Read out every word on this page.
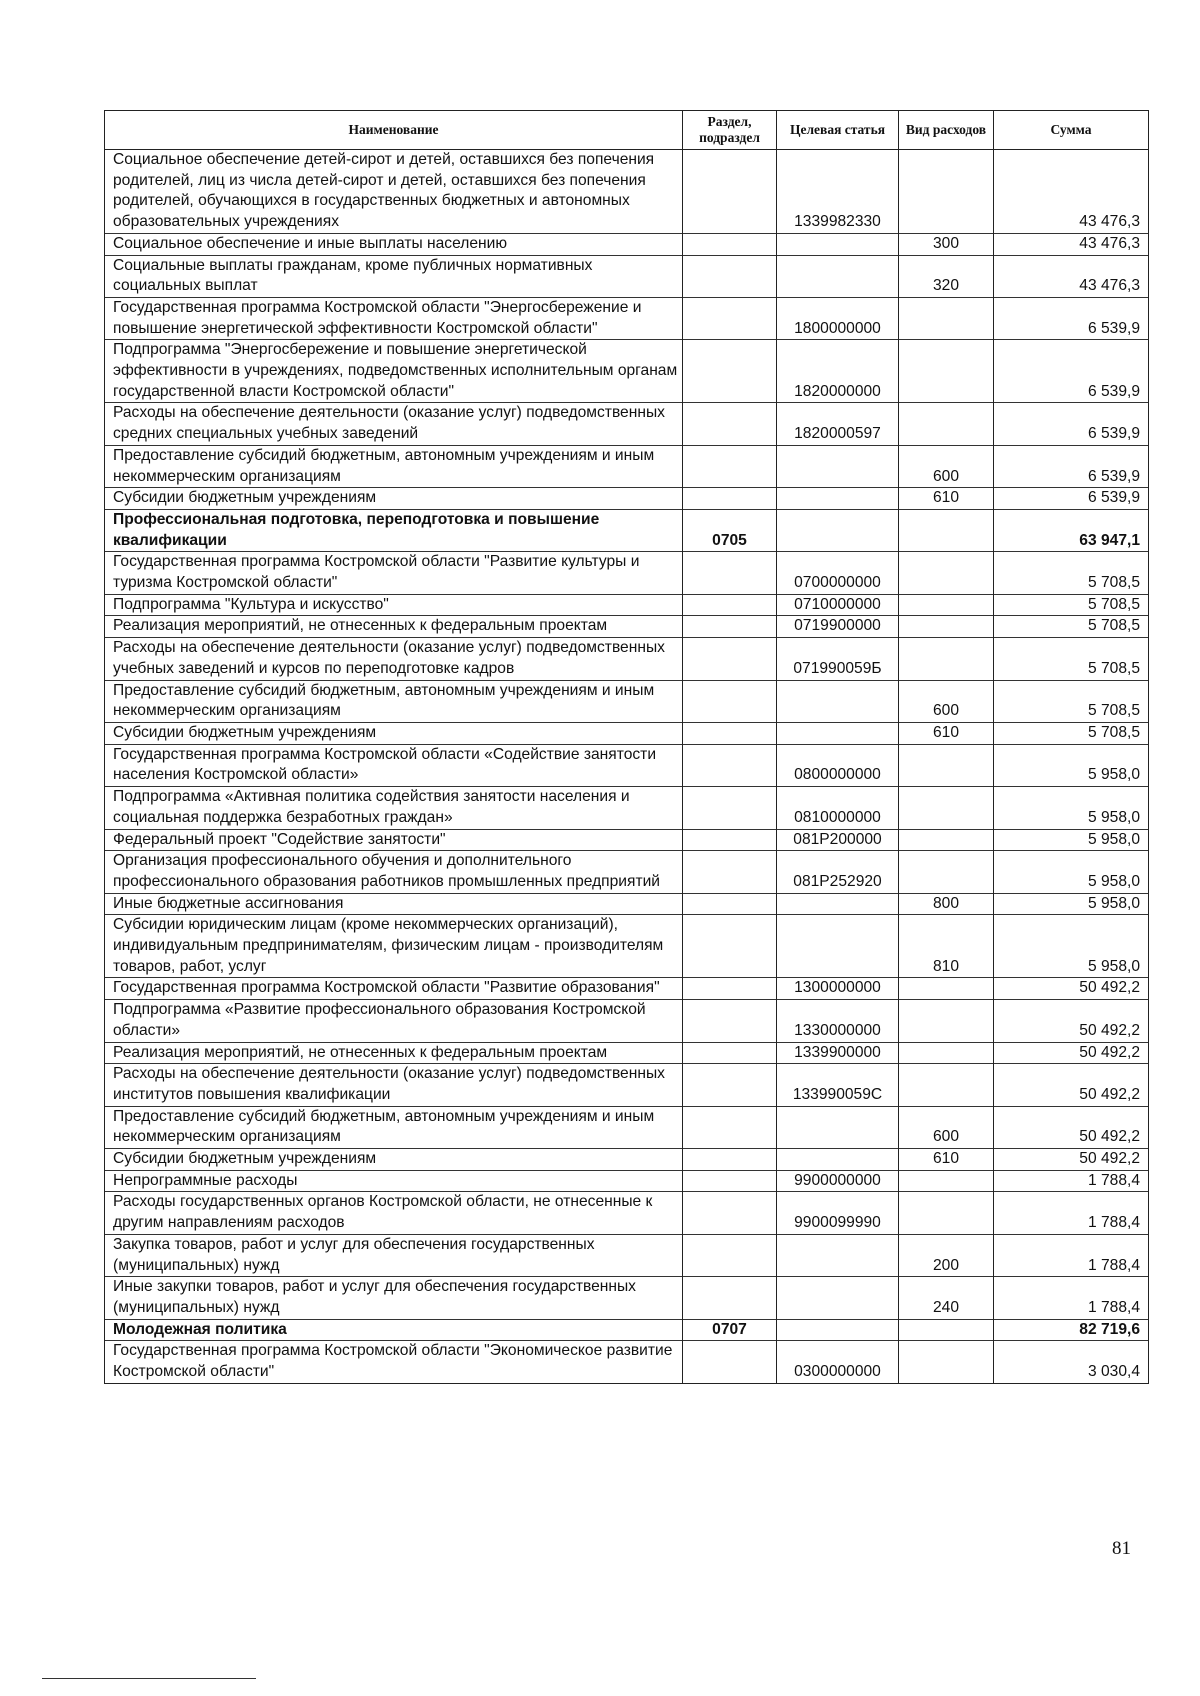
Наименование	Раздел, подраздел	Целевая статья	Вид расходов	Сумма
Социальное обеспечение детей-сирот и детей, оставшихся без попечения родителей, лиц из числа детей-сирот и детей, оставшихся без попечения родителей, обучающихся в государственных бюджетных и автономных образовательных учреждениях		1339982330		43 476,3
Социальное обеспечение и иные выплаты населению			300	43 476,3
Социальные выплаты гражданам, кроме публичных нормативных социальных выплат			320	43 476,3
Государственная программа Костромской области "Энергосбережение и повышение энергетической эффективности Костромской области"		1800000000		6 539,9
Подпрограмма "Энергосбережение и повышение энергетической эффективности в учреждениях, подведомственных исполнительным органам государственной власти Костромской области"		1820000000		6 539,9
Расходы на обеспечение деятельности (оказание услуг) подведомственных средних специальных учебных заведений		1820000597		6 539,9
Предоставление субсидий бюджетным, автономным учреждениям и иным некоммерческим организациям			600	6 539,9
Субсидии бюджетным учреждениям			610	6 539,9
Профессиональная подготовка, переподготовка и повышение квалификации	0705			63 947,1
Государственная программа Костромской области "Развитие культуры и туризма Костромской области"		0700000000		5 708,5
Подпрограмма "Культура и искусство"		0710000000		5 708,5
Реализация мероприятий, не отнесенных к федеральным проектам		0719900000		5 708,5
Расходы на обеспечение деятельности (оказание услуг) подведомственных учебных заведений и курсов по переподготовке кадров		071990059Б		5 708,5
Предоставление субсидий бюджетным, автономным учреждениям и иным некоммерческим организациям			600	5 708,5
Субсидии бюджетным учреждениям			610	5 708,5
Государственная программа Костромской области «Содействие занятости населения Костромской области»		0800000000		5 958,0
Подпрограмма «Активная политика содействия занятости населения и социальная поддержка безработных граждан»		0810000000		5 958,0
Федеральный проект "Содействие занятости"		081P200000		5 958,0
Организация профессионального обучения и дополнительного профессионального образования работников промышленных предприятий		081P252920		5 958,0
Иные бюджетные ассигнования			800	5 958,0
Субсидии юридическим лицам (кроме некоммерческих организаций), индивидуальным предпринимателям, физическим лицам - производителям товаров, работ, услуг			810	5 958,0
Государственная программа Костромской области "Развитие образования"		1300000000		50 492,2
Подпрограмма «Развитие профессионального образования Костромской области»		1330000000		50 492,2
Реализация мероприятий, не отнесенных к федеральным проектам		1339900000		50 492,2
Расходы на обеспечение деятельности (оказание услуг) подведомственных институтов повышения квалификации		133990059С		50 492,2
Предоставление субсидий бюджетным, автономным учреждениям и иным некоммерческим организациям			600	50 492,2
Субсидии бюджетным учреждениям			610	50 492,2
Непрограммные расходы		9900000000		1 788,4
Расходы государственных органов Костромской области, не отнесенные к другим направлениям расходов		9900099990		1 788,4
Закупка товаров, работ и услуг для обеспечения государственных (муниципальных) нужд			200	1 788,4
Иные закупки товаров, работ и услуг для обеспечения государственных (муниципальных) нужд			240	1 788,4
Молодежная политика	0707			82 719,6
Государственная программа Костромской области "Экономическое развитие Костромской области"		0300000000		3 030,4
81
